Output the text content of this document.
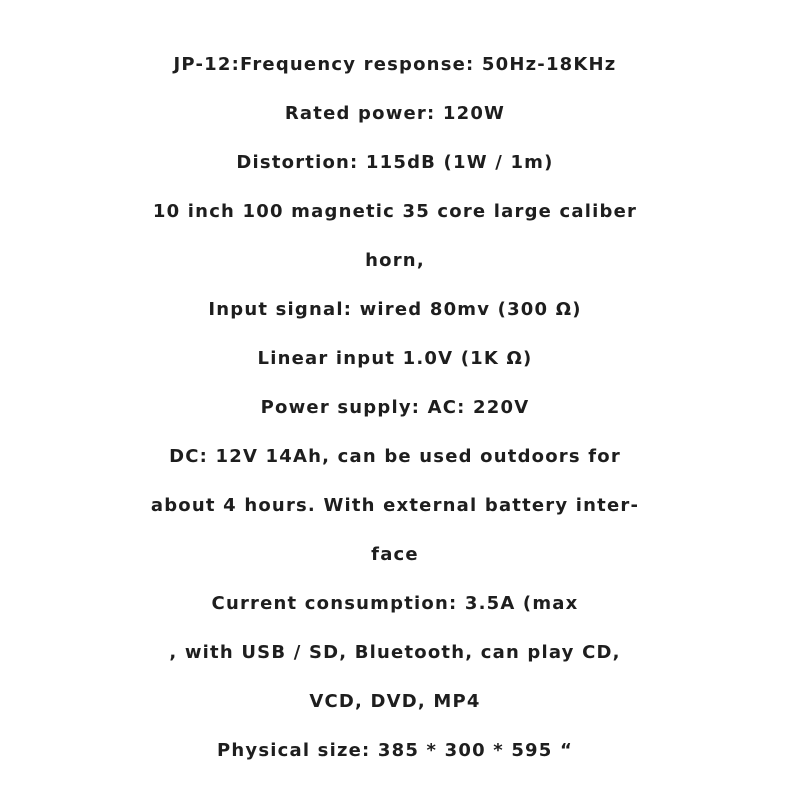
JP-12:Frequency response: 50Hz-18KHz
Rated power: 120W
Distortion: 115dB (1W / 1m)
10 inch 100 magnetic 35 core large caliber
horn,
Input signal: wired 80mv (300 Ω)
Linear input 1.0V (1K Ω)
Power supply: AC: 220V
DC: 12V 14Ah, can be used outdoors for
about 4 hours. With external battery inter-
face
Current consumption: 3.5A (max
, with USB / SD, Bluetooth, can play CD,
VCD, DVD, MP4
Physical size: 385 * 300 * 595 “
